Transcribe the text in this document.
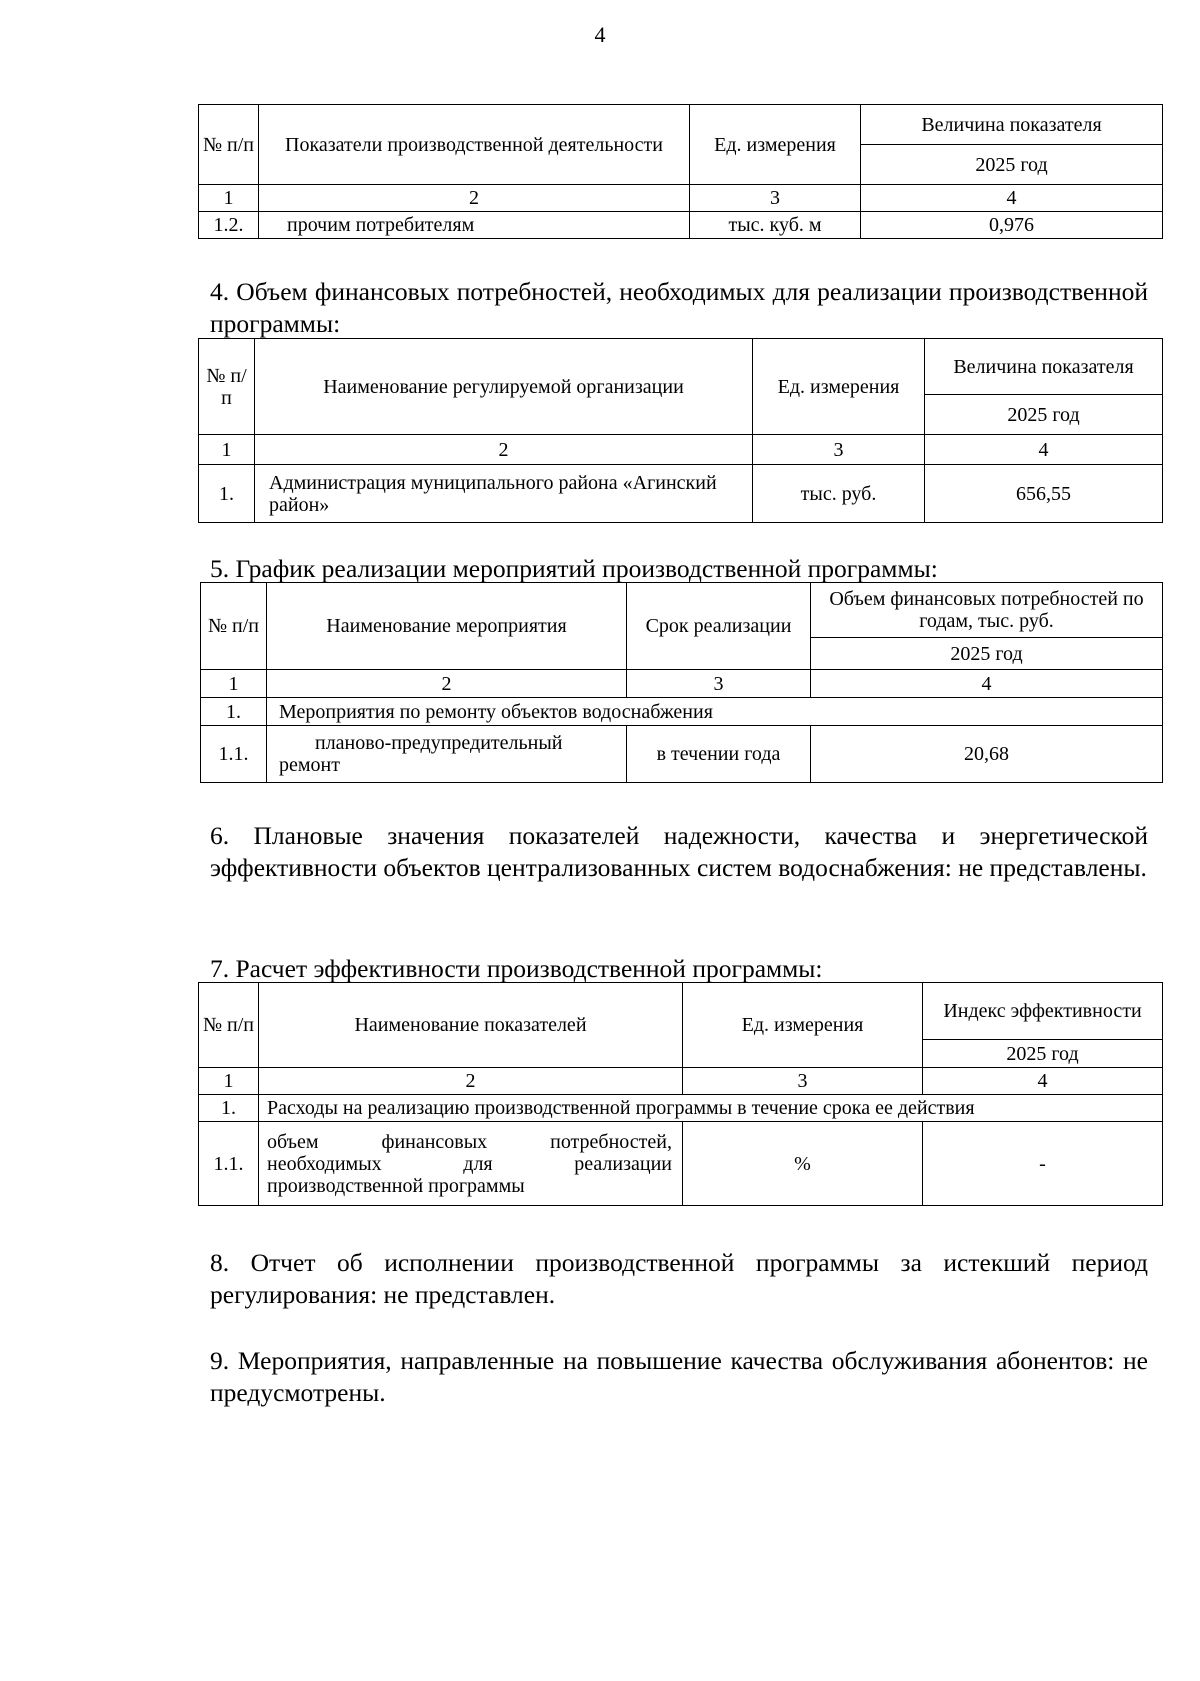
4
№ п/п	Показатели производственной деятельности	Ед. измерения	Величина показателя
			2025 год
1	2	3	4
1.2.	прочим потребителям	тыс. куб. м	0,976

4. Объем финансовых потребностей, необходимых для реализации производственной программы:

№ п/п	Наименование регулируемой организации	Ед. измерения	Величина показателя
			2025 год
1	2	3	4
1.	Администрация муниципального района «Агинский район»	тыс. руб.	656,55

5. График реализации мероприятий производственной программы:

№ п/п	Наименование мероприятия	Срок реализации	Объем финансовых потребностей по годам, тыс. руб.
			2025 год
1	2	3	4
1.	Мероприятия по ремонту объектов водоснабжения		
1.1.	планово-предупредительный ремонт	в течении года	20,68

6. Плановые значения показателей надежности, качества и энергетической эффективности объектов централизованных систем водоснабжения: не представлены.

7. Расчет эффективности производственной программы:

№ п/п	Наименование показателей	Ед. измерения	Индекс эффективности
			2025 год
1	2	3	4
1.	Расходы на реализацию производственной программы в течение срока ее действия		
1.1.	объем финансовых потребностей, необходимых для реализации производственной программы	%	-

8. Отчет об исполнении производственной программы за истекший период регулирования: не представлен.

9. Мероприятия, направленные на повышение качества обслуживания абонентов: не предусмотрены.
